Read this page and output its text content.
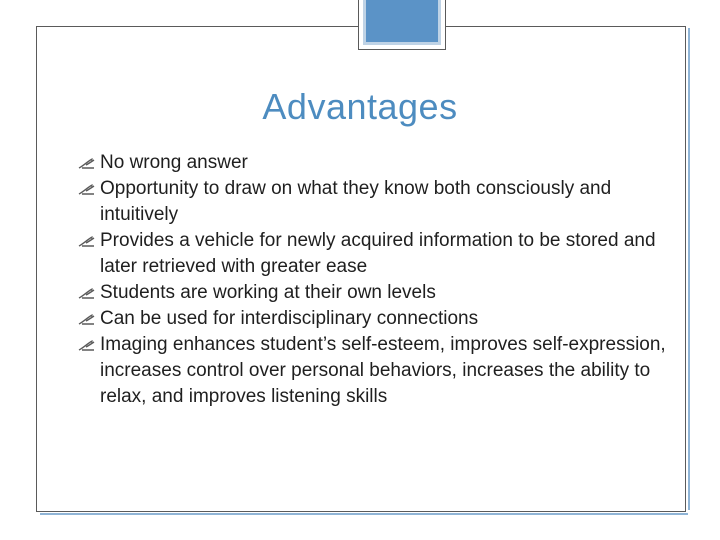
Advantages
No wrong answer
Opportunity to draw on what they know both consciously and intuitively
Provides a vehicle for newly acquired information to be stored and later retrieved with greater ease
Students are working at their own levels
Can be used for interdisciplinary connections
Imaging enhances student’s self-esteem, improves self-expression, increases control over personal behaviors, increases the ability to relax, and improves listening skills
